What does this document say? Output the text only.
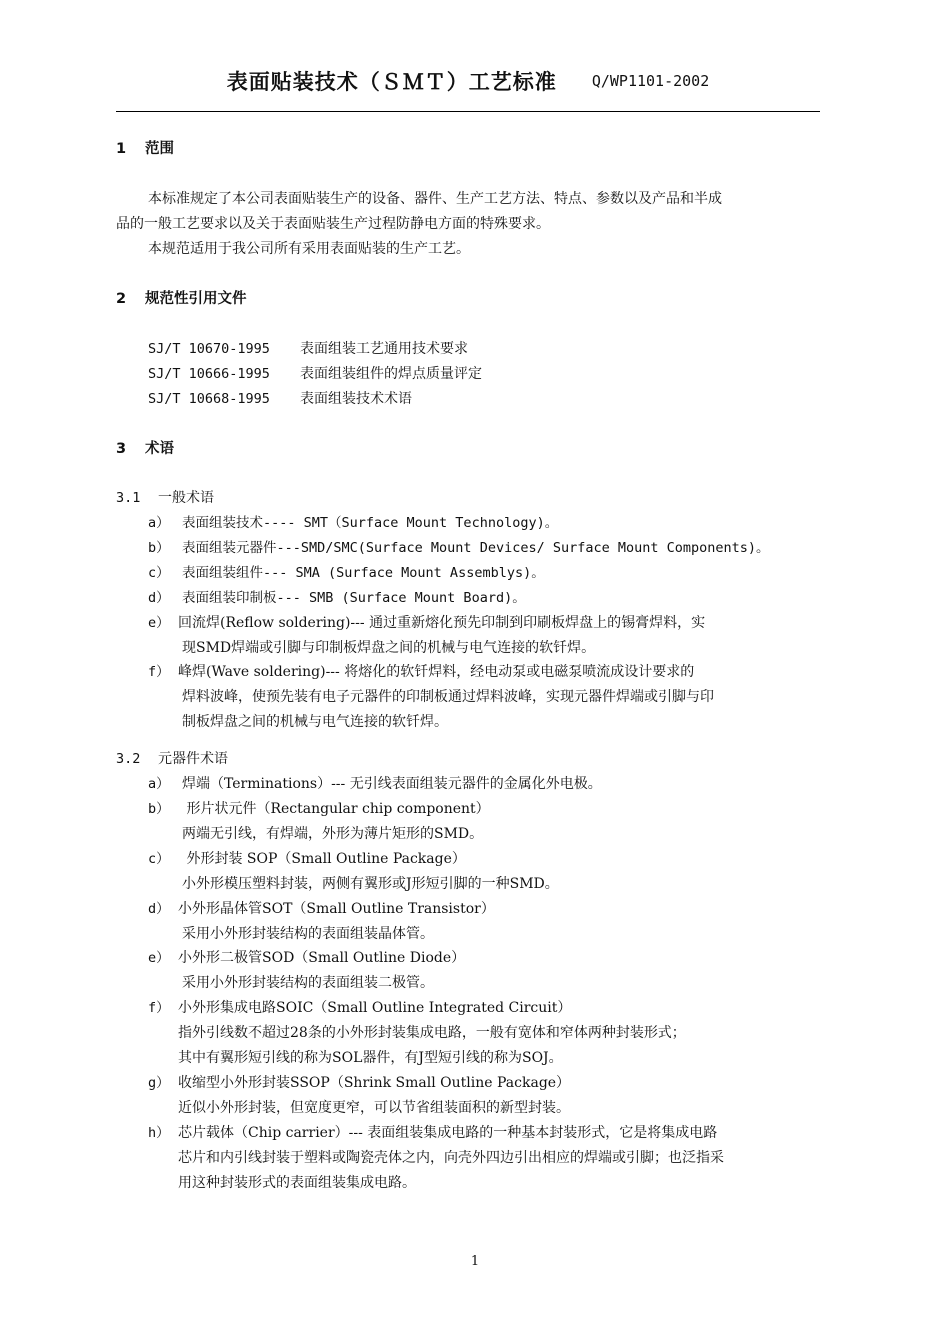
表面贴装技术（ＳＭＴ）工艺标准 Q/WP1101-2002
1 范围
本标准规定了本公司表面贴装生产的设备、器件、生产工艺方法、特点、参数以及产品和半成
品的一般工艺要求以及关于表面贴装生产过程防静电方面的特殊要求。
本规范适用于我公司所有采用表面贴装的生产工艺。
2 规范性引用文件
SJ/T 10670-1995 表面组装工艺通用技术要求
SJ/T 10666-1995 表面组装组件的焊点质量评定
SJ/T 10668-1995 表面组装技术术语
3 术语
3.1 一般术语
a） 表面组装技术---- SMT（Surface Mount Technology)。
b） 表面组装元器件---SMD/SMC(Surface Mount Devices/ Surface Mount Components)。
c） 表面组装组件--- SMA (Surface Mount Assemblys)。
d） 表面组装印制板--- SMB (Surface Mount Board)。
e） 回流焊(Reflow soldering)--- 通过重新熔化预先印制到印刷板焊盘上的锡膏焊料，实
现SMD焊端或引脚与印制板焊盘之间的机械与电气连接的软钎焊。
f） 峰焊(Wave soldering)--- 将熔化的软钎焊料，经电动泵或电磁泵喷流成设计要求的
焊料波峰，使预先装有电子元器件的印制板通过焊料波峰，实现元器件焊端或引脚与印
制板焊盘之间的机械与电气连接的软钎焊。
3.2 元器件术语
a） 焊端（Terminations）--- 无引线表面组装元器件的金属化外电极。
b） 形片状元件（Rectangular chip component）
两端无引线，有焊端，外形为薄片矩形的SMD。
c） 外形封装 SOP（Small Outline Package）
小外形模压塑料封装，两侧有翼形或J形短引脚的一种SMD。
d） 小外形晶体管SOT（Small Outline Transistor）
采用小外形封装结构的表面组装晶体管。
e） 小外形二极管SOD（Small Outline Diode）
采用小外形封装结构的表面组装二极管。
f） 小外形集成电路SOIC（Small Outline Integrated Circuit）
指外引线数不超过28条的小外形封装集成电路，一般有宽体和窄体两种封装形式；
其中有翼形短引线的称为SOL器件，有J型短引线的称为SOJ。
g） 收缩型小外形封装SSOP（Shrink Small Outline Package）
近似小外形封装，但宽度更窄，可以节省组装面积的新型封装。
h） 芯片载体（Chip carrier）--- 表面组装集成电路的一种基本封装形式，它是将集成电路
芯片和内引线封装于塑料或陶瓷壳体之内，向壳外四边引出相应的焊端或引脚；也泛指采
用这种封装形式的表面组装集成电路。
1
